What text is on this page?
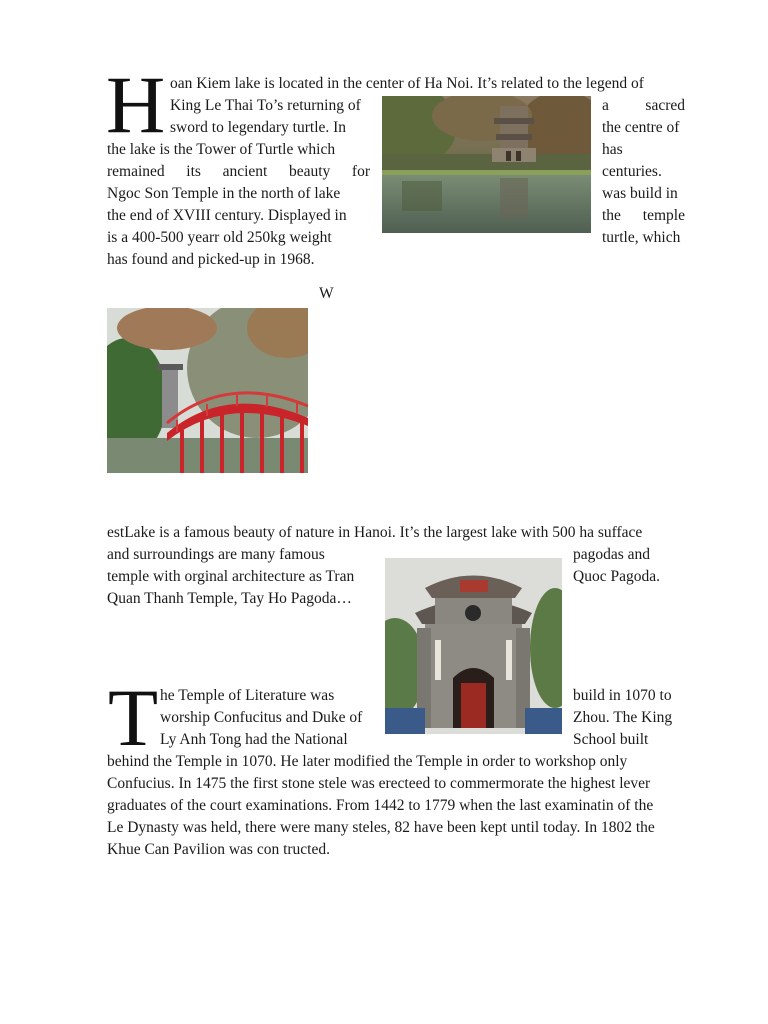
H oan Kiem lake is located in the center of Ha Noi. It’s related to the legend of
King Le Thai To’s returning of	a sacred
sword to legendary turtle. In	the centre of
the lake is the Tower of Turtle which	has
remained its ancient beauty for	centuries.
Ngoc Son Temple in the north of lake	was build in
the end of XVIII century. Displayed in	the temple
is a 400-500 yearr old 250kg weight	turtle, which
has found and picked-up in 1968.
W
estLake is a famous beauty of nature in Hanoi. It’s the largest lake with 500 ha sufface
and surroundings are many famous	pagodas and
temple with orginal architecture as Tran	Quoc Pagoda.
Quan Thanh Temple, Tay Ho Pagoda…
T he Temple of Literature was	build in 1070 to
worship Confucitus and Duke of	Zhou. The King
Ly Anh Tong had the National	School built
behind the Temple in 1070. He later modified the Temple in order to workshop only
Confucius. In 1475 the first stone stele was erecteed to commermorate the highest lever
graduates of the court examinations. From 1442 to 1779 when the last examinatin of the
Le Dynasty was held, there were many steles, 82 have been kept until today. In 1802 the
Khue Can Pavilion was con tructed.
